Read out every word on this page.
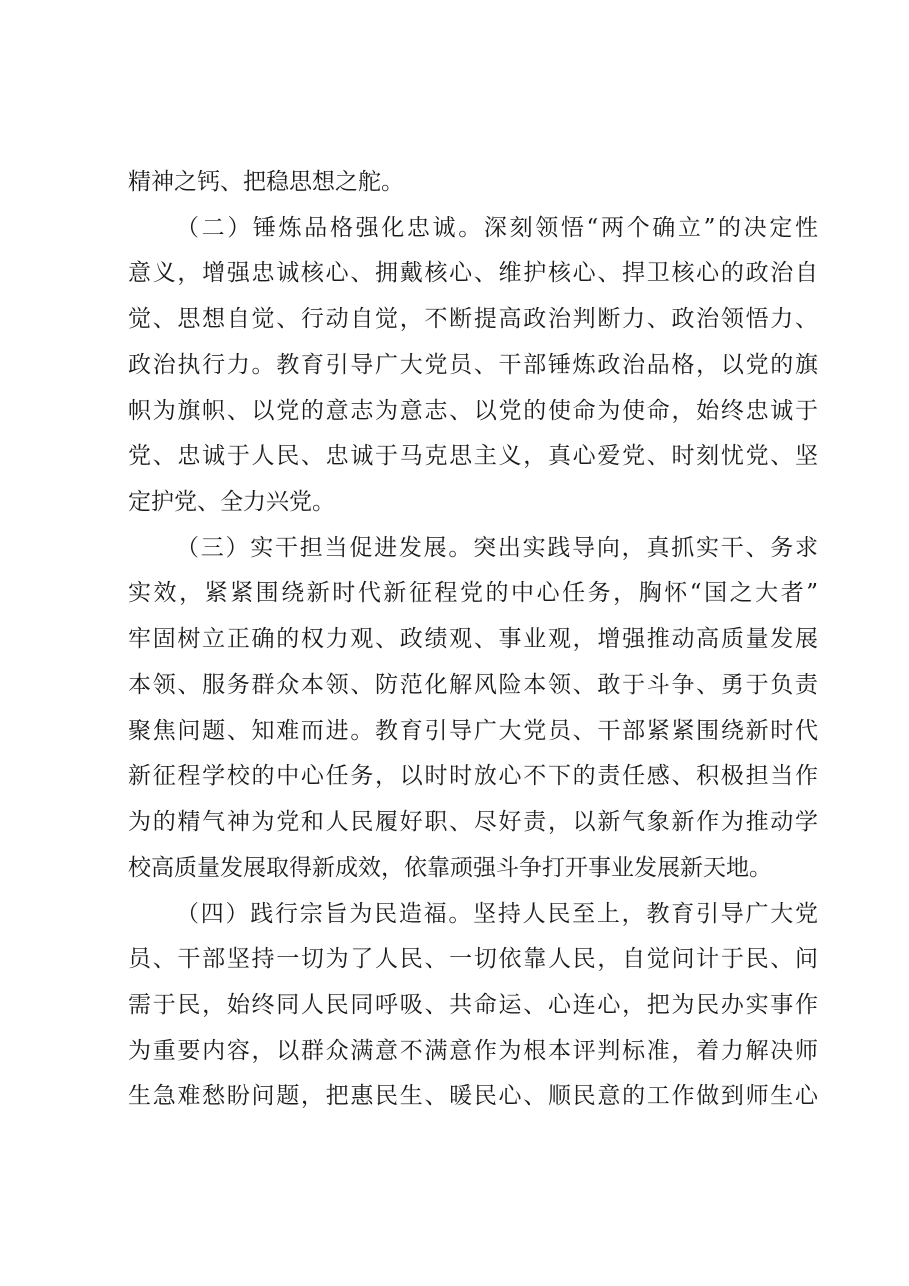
精神之钙、把稳思想之舵。
（二）锤炼品格强化忠诚。深刻领悟“两个确立”的决定性
意义，增强忠诚核心、拥戴核心、维护核心、捍卫核心的政治自
觉、思想自觉、行动自觉，不断提高政治判断力、政治领悟力、
政治执行力。教育引导广大党员、干部锤炼政治品格，以党的旗
帜为旗帜、以党的意志为意志、以党的使命为使命，始终忠诚于
党、忠诚于人民、忠诚于马克思主义，真心爱党、时刻忧党、坚
定护党、全力兴党。
（三）实干担当促进发展。突出实践导向，真抓实干、务求
实效，紧紧围绕新时代新征程党的中心任务，胸怀“国之大者”
牢固树立正确的权力观、政绩观、事业观，增强推动高质量发展
本领、服务群众本领、防范化解风险本领、敢于斗争、勇于负责
聚焦问题、知难而进。教育引导广大党员、干部紧紧围绕新时代
新征程学校的中心任务，以时时放心不下的责任感、积极担当作
为的精气神为党和人民履好职、尽好责，以新气象新作为推动学
校高质量发展取得新成效，依靠顽强斗争打开事业发展新天地。
（四）践行宗旨为民造福。坚持人民至上，教育引导广大党
员、干部坚持一切为了人民、一切依靠人民，自觉问计于民、问
需于民，始终同人民同呼吸、共命运、心连心，把为民办实事作
为重要内容，以群众满意不满意作为根本评判标准，着力解决师
生急难愁盼问题，把惠民生、暖民心、顺民意的工作做到师生心
